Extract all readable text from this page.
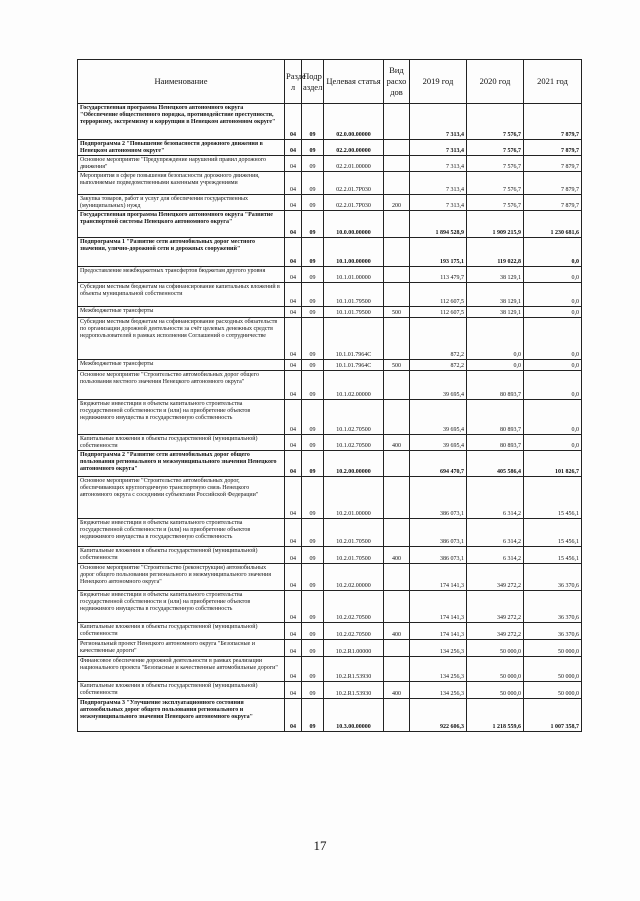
Наименование	Разде л	Подр аздел	Целевая статья	Вид расхо дов	2019 год	2020 год	2021 год
Государственная программа Ненецкого автономного округа "Обеспечение общественного порядка, противодействие преступности, терроризму, экстремизму и коррупции в Ненецком автономном округе"	04	09	02.0.00.00000		7 313,4	7 576,7	7 879,7
Подпрограмма 2 "Повышение безопасности дорожного движения в Ненецком автономном округе"	04	09	02.2.00.00000		7 313,4	7 576,7	7 879,7
Основное мероприятие "Предупреждение нарушений правил дорожного движения"	04	09	02.2.01.00000		7 313,4	7 576,7	7 879,7
Мероприятия в сфере повышения безопасности дорожного движения, выполняемые подведомственными казенными учреждениями	04	09	02.2.01.7Р030		7 313,4	7 576,7	7 879,7
Закупка товаров, работ и услуг для обеспечения государственных (муниципальных) нужд	04	09	02.2.01.7Р030	200	7 313,4	7 576,7	7 879,7
Государственная программа Ненецкого автономного округа "Развитие транспортной системы Ненецкого автономного округа"	04	09	10.0.00.00000		1 894 528,9	1 909 215,9	1 230 681,6
Подпрограмма 1 "Развитие сети автомобильных дорог местного значения, улично-дорожной сети и дорожных сооружений"	04	09	10.1.00.00000		193 175,1	119 022,8	0,0
Предоставление межбюджетных трансфертов бюджетам другого уровня	04	09	10.1.01.00000		113 479,7	38 129,1	0,0
Субсидии местным бюджетам на софинансирование капитальных вложений в объекты муниципальной собственности	04	09	10.1.01.79500		112 607,5	38 129,1	0,0
Межбюджетные трансферты	04	09	10.1.01.79500	500	112 607,5	38 129,1	0,0
Субсидии местным бюджетам на софинансирование расходных обязательств по организации дорожной деятельности за счёт целевых денежных средств недропользователей в рамках исполнения Соглашений о сотрудничестве	04	09	10.1.01.7964С		872,2	0,0	0,0
Межбюджетные трансферты	04	09	10.1.01.7964С	500	872,2	0,0	0,0
Основное мероприятие "Строительство автомобильных дорог общего пользования местного значения Ненецкого автономного округа"	04	09	10.1.02.00000		39 695,4	80 893,7	0,0
Бюджетные инвестиции в объекты капитального строительства государственной собственности и (или) на приобретение объектов недвижимого имущества в государственную собственность	04	09	10.1.02.70500		39 695,4	80 893,7	0,0
Капитальные вложения в объекты государственной (муниципальной) собственности	04	09	10.1.02.70500	400	39 695,4	80 893,7	0,0
Подпрограмма 2 "Развитие сети автомобильных дорог общего пользования регионального и межмуниципального значения Ненецкого автономного округа"	04	09	10.2.00.00000		694 470,7	405 586,4	101 826,7
Основное мероприятие "Строительство автомобильных дорог, обеспечивающих круглогодичную транспортную связь Ненецкого автономного округа с соседними субъектами Российской Федерации"	04	09	10.2.01.00000		386 073,1	6 314,2	15 456,1
Бюджетные инвестиции в объекты капитального строительства государственной собственности и (или) на приобретение объектов недвижимого имущества в государственную собственность	04	09	10.2.01.70500		386 073,1	6 314,2	15 456,1
Капитальные вложения в объекты государственной (муниципальной) собственности	04	09	10.2.01.70500	400	386 073,1	6 314,2	15 456,1
Основное мероприятие "Строительство (реконструкция) автомобильных дорог общего пользования регионального и межмуниципального значения Ненецкого автономного округа"	04	09	10.2.02.00000		174 141,3	349 272,2	36 370,6
Бюджетные инвестиции в объекты капитального строительства государственной собственности и (или) на приобретение объектов недвижимого имущества в государственную собственность	04	09	10.2.02.70500		174 141,3	349 272,2	36 370,6
Капитальные вложения в объекты государственной (муниципальной) собственности	04	09	10.2.02.70500	400	174 141,3	349 272,2	36 370,6
Региональный проект Ненецкого автономного округа "Безопасные и качественные дороги"	04	09	10.2.R1.00000		134 256,3	50 000,0	50 000,0
Финансовое обеспечение дорожной деятельности в рамках реализации национального проекта "Безопасные и качественные автомобильные дороги"	04	09	10.2.R1.53930		134 256,3	50 000,0	50 000,0
Капитальные вложения в объекты государственной (муниципальной) собственности	04	09	10.2.R1.53930	400	134 256,3	50 000,0	50 000,0
Подпрограмма 3 "Улучшение эксплуатационного состояния автомобильных дорог общего пользования регионального и межмуниципального значения Ненецкого автономного округа"	04	09	10.3.00.00000		922 606,3	1 218 559,6	1 007 358,7
17
